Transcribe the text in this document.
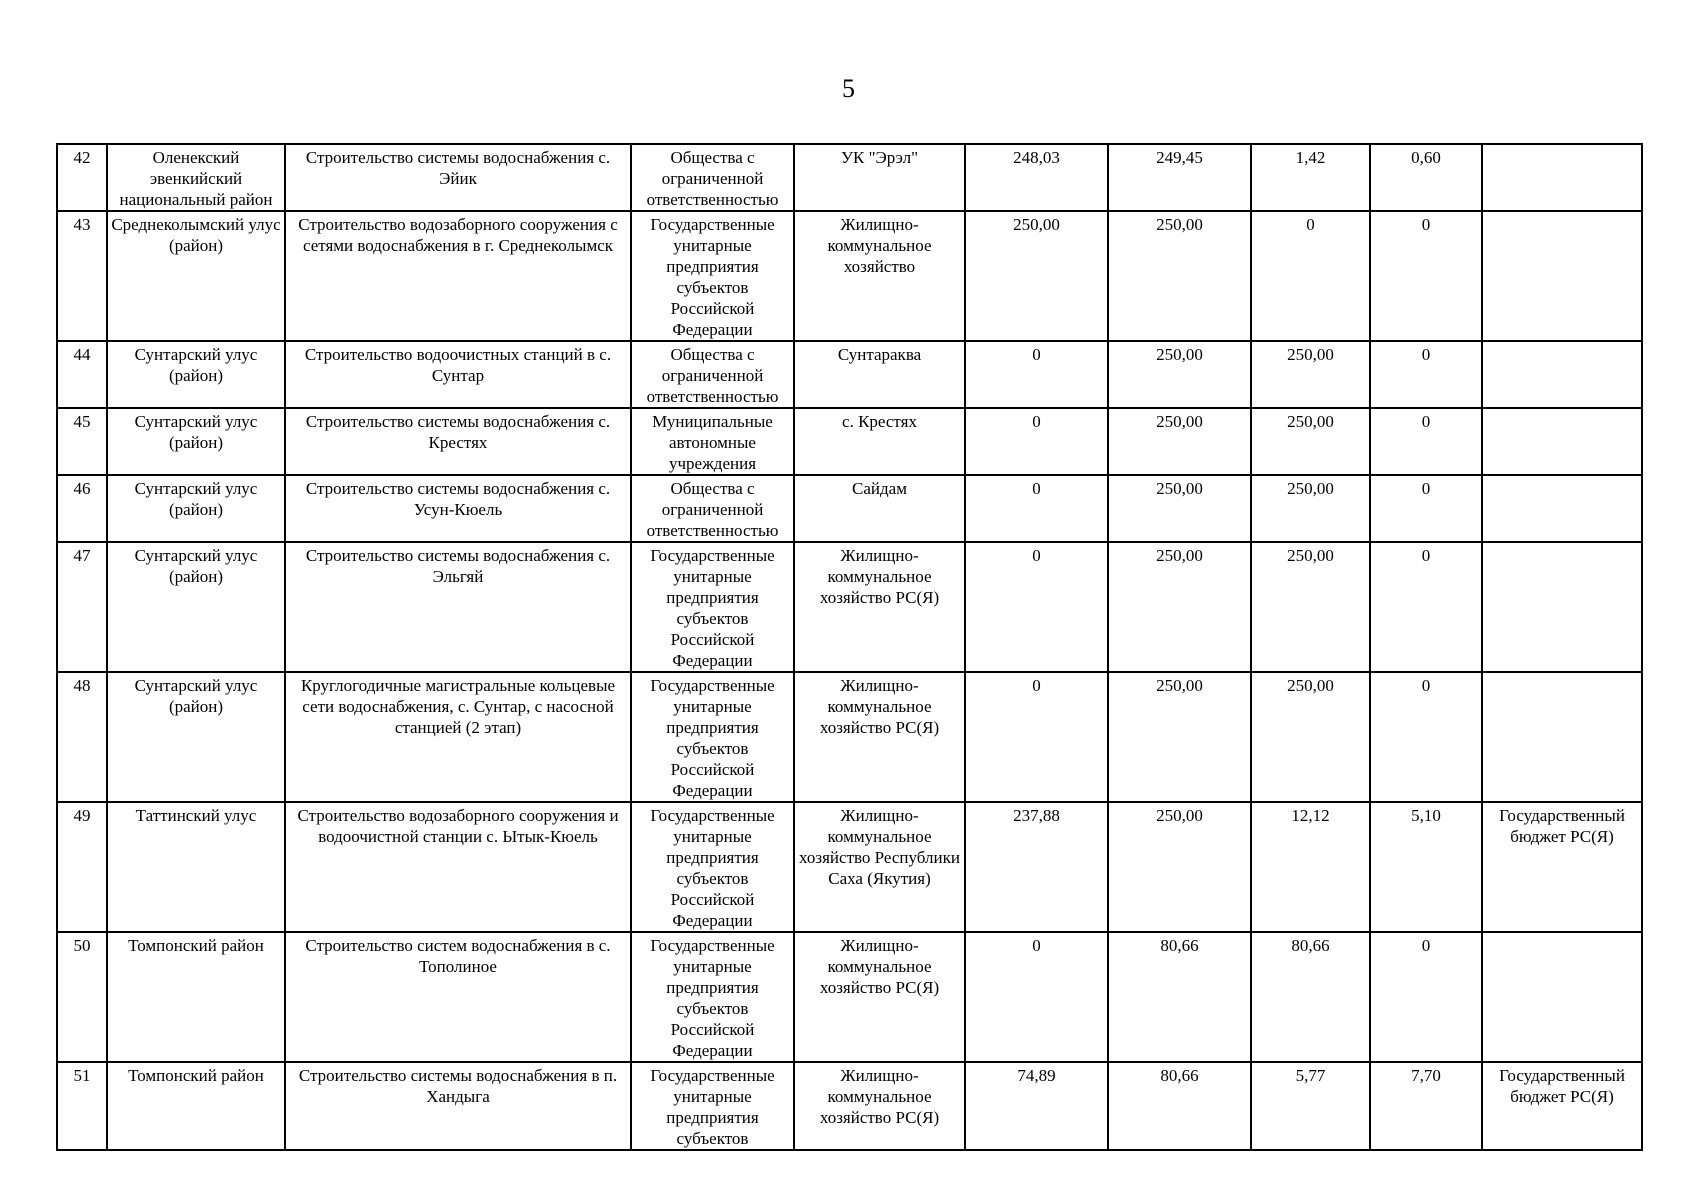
5
42	Оленекский эвенкийский национальный район	Строительство системы водоснабжения с. Эйик	Общества с ограниченной ответственностью	УК "Эрэл"	248,03	249,45	1,42	0,60	
43	Среднеколымский улус (район)	Строительство водозаборного сооружения с сетями водоснабжения в г. Среднеколымск	Государственные унитарные предприятия субъектов Российской Федерации	Жилищно-коммунальное хозяйство	250,00	250,00	0	0	
44	Сунтарский улус (район)	Строительство водоочистных станций в с. Сунтар	Общества с ограниченной ответственностью	Сунтараква	0	250,00	250,00	0	
45	Сунтарский улус (район)	Строительство системы водоснабжения с. Крестях	Муниципальные автономные учреждения	с. Крестях	0	250,00	250,00	0	
46	Сунтарский улус (район)	Строительство системы водоснабжения с. Усун-Кюель	Общества с ограниченной ответственностью	Сайдам	0	250,00	250,00	0	
47	Сунтарский улус (район)	Строительство системы водоснабжения с. Эльгяй	Государственные унитарные предприятия субъектов Российской Федерации	Жилищно-коммунальное хозяйство РС(Я)	0	250,00	250,00	0	
48	Сунтарский улус (район)	Круглогодичные магистральные кольцевые сети водоснабжения, с. Сунтар, с насосной станцией (2 этап)	Государственные унитарные предприятия субъектов Российской Федерации	Жилищно-коммунальное хозяйство РС(Я)	0	250,00	250,00	0	
49	Таттинский улус	Строительство водозаборного сооружения и водоочистной станции с. Ытык-Кюель	Государственные унитарные предприятия субъектов Российской Федерации	Жилищно-коммунальное хозяйство Республики Саха (Якутия)	237,88	250,00	12,12	5,10	Государственный бюджет РС(Я)
50	Томпонский район	Строительство систем водоснабжения в с. Тополиное	Государственные унитарные предприятия субъектов Российской Федерации	Жилищно-коммунальное хозяйство РС(Я)	0	80,66	80,66	0	
51	Томпонский район	Строительство системы водоснабжения в п. Хандыга	Государственные унитарные предприятия субъектов	Жилищно-коммунальное хозяйство РС(Я)	74,89	80,66	5,77	7,70	Государственный бюджет РС(Я)
